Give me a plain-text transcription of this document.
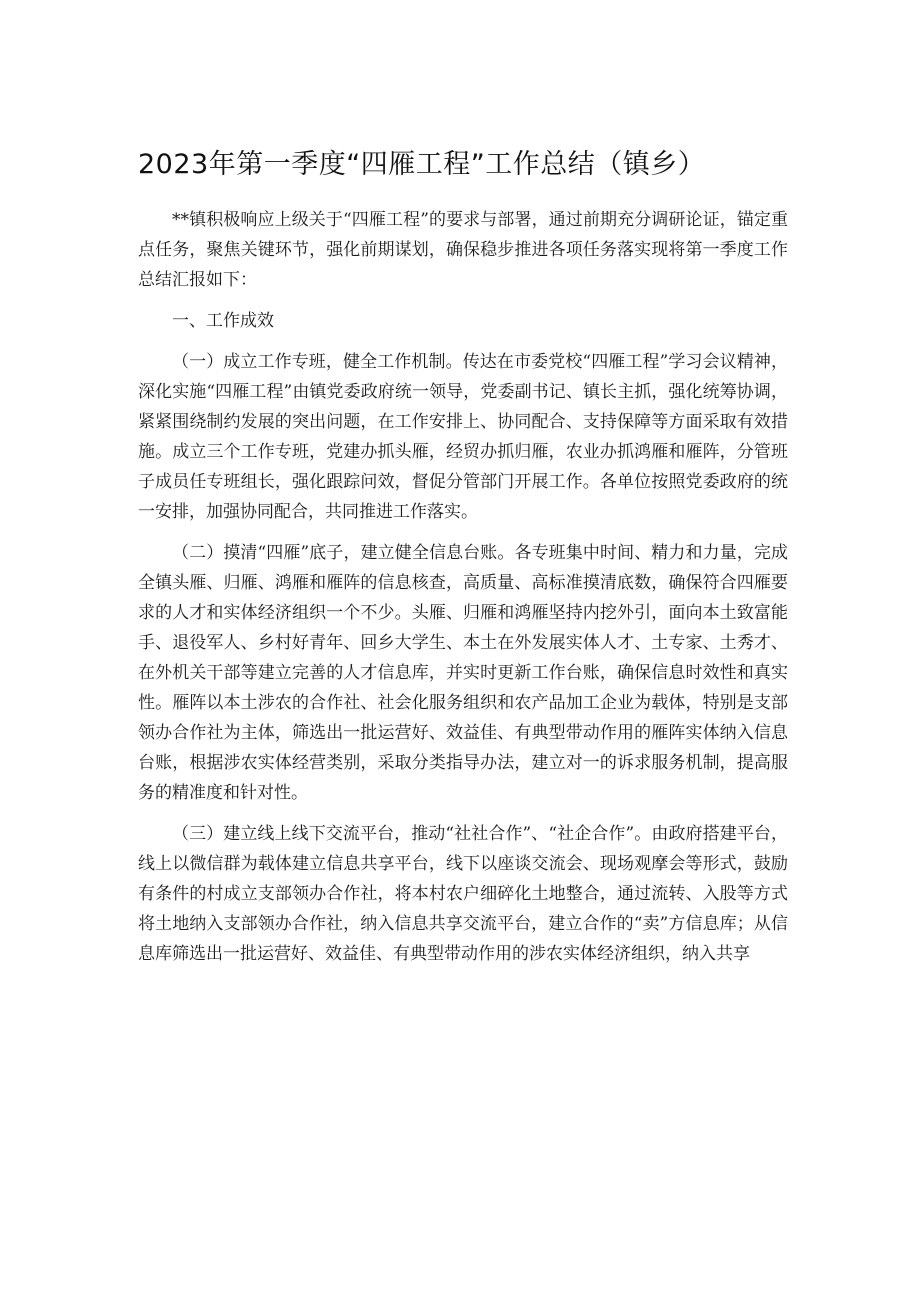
2023年第一季度“四雁工程”工作总结（镇乡）

**镇积极响应上级关于“四雁工程”的要求与部署，通过前期充分调研论证，锚定重点任务，聚焦关键环节，强化前期谋划，确保稳步推进各项任务落实现将第一季度工作总结汇报如下：

一、工作成效

（一）成立工作专班，健全工作机制。传达在市委党校“四雁工程”学习会议精神，深化实施“四雁工程”由镇党委政府统一领导，党委副书记、镇长主抓，强化统筹协调，紧紧围绕制约发展的突出问题，在工作安排上、协同配合、支持保障等方面采取有效措施。成立三个工作专班，党建办抓头雁，经贸办抓归雁，农业办抓鸿雁和雁阵，分管班子成员任专班组长，强化跟踪问效，督促分管部门开展工作。各单位按照党委政府的统一安排，加强协同配合，共同推进工作落实。

（二）摸清“四雁”底子，建立健全信息台账。各专班集中时间、精力和力量，完成全镇头雁、归雁、鸿雁和雁阵的信息核查，高质量、高标准摸清底数，确保符合四雁要求的人才和实体经济组织一个不少。头雁、归雁和鸿雁坚持内挖外引，面向本土致富能手、退役军人、乡村好青年、回乡大学生、本土在外发展实体人才、土专家、土秀才、在外机关干部等建立完善的人才信息库，并实时更新工作台账，确保信息时效性和真实性。雁阵以本土涉农的合作社、社会化服务组织和农产品加工企业为载体，特别是支部领办合作社为主体，筛选出一批运营好、效益佳、有典型带动作用的雁阵实体纳入信息台账，根据涉农实体经营类别，采取分类指导办法，建立对一的诉求服务机制，提高服务的精准度和针对性。

（三）建立线上线下交流平台，推动“社社合作”、“社企合作”。由政府搭建平台，线上以微信群为载体建立信息共享平台，线下以座谈交流会、现场观摩会等形式，鼓励有条件的村成立支部领办合作社，将本村农户细碎化土地整合，通过流转、入股等方式将土地纳入支部领办合作社，纳入信息共享交流平台，建立合作的“卖”方信息库；从信息库筛选出一批运营好、效益佳、有典型带动作用的涉农实体经济组织，纳入共享
